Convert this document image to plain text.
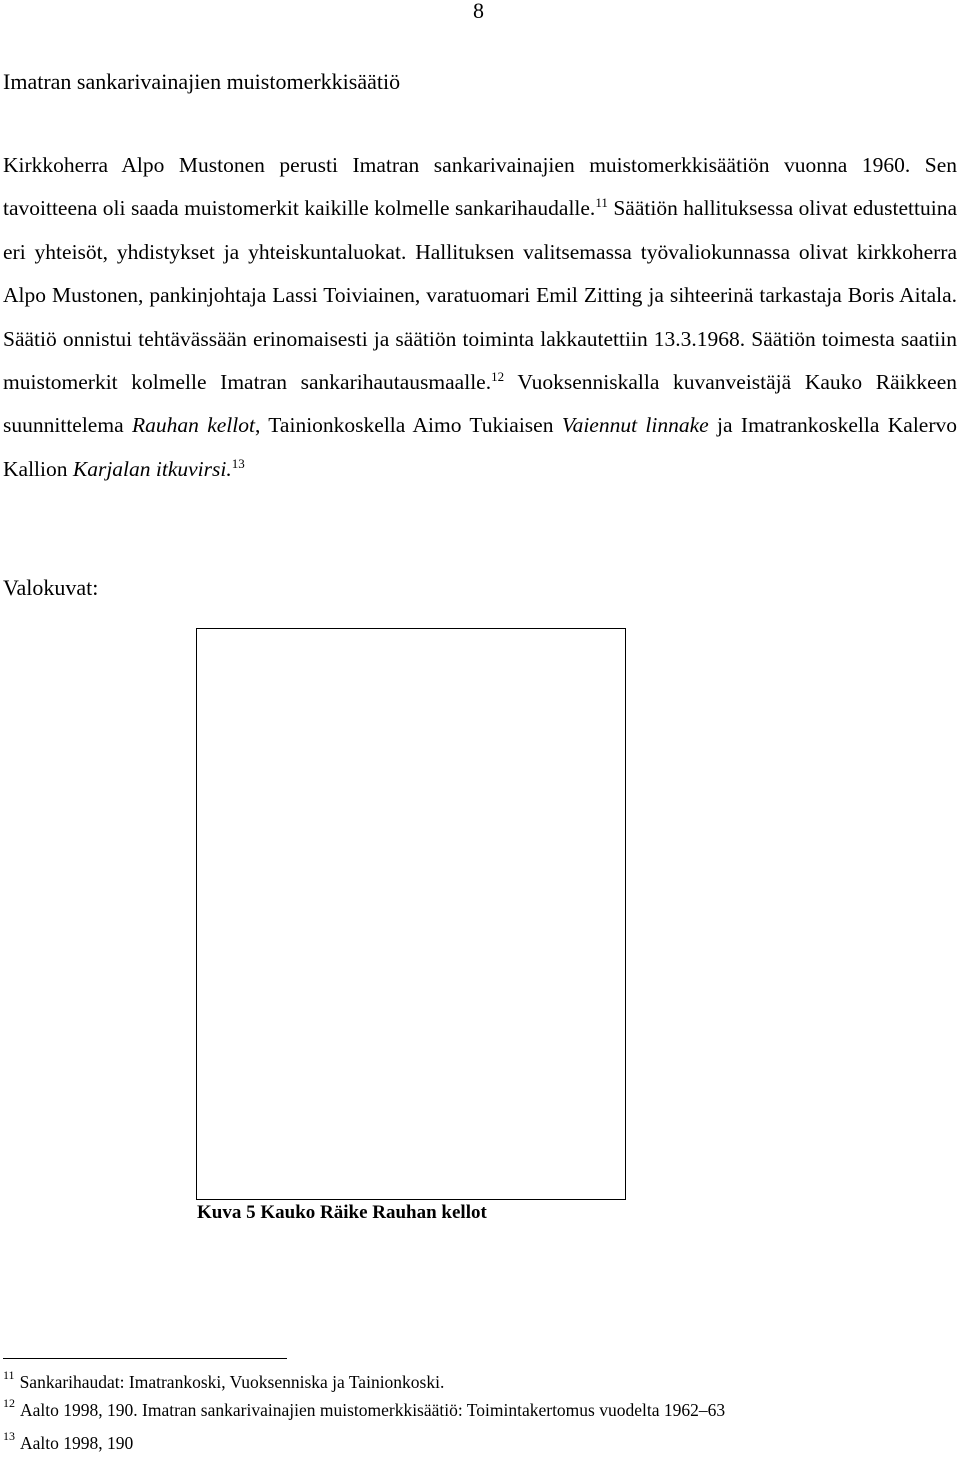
8
Imatran sankarivainajien muistomerkkisäätiö

Kirkkoherra Alpo Mustonen perusti Imatran sankarivainajien muistomerkkisäätiön vuonna 1960. Sen tavoitteena oli saada muistomerkit kaikille kolmelle sankarihaudalle.$^{11}$ Säätiön hallituksessa olivat edustettuina eri yhteisöt, yhdistykset ja yhteiskuntaluokat. Hallituksen valitsemassa työvaliokunnassa olivat kirkkoherra Alpo Mustonen, pankinjohtaja Lassi Toiviainen, varatuomari Emil Zitting ja sihteerinä tarkastaja Boris Aitala. Säätiö onnistui tehtävässään erinomaisesti ja säätiön toiminta lakkautettiin 13.3.1968. Säätiön toimesta saatiin muistomerkit kolmelle Imatran sankarihautausmaalle.$^{12}$ Vuoksenniskalla kuvanveistäjä Kauko Räikkeen suunnittelema Rauhan kellot, Tainionkoskella Aimo Tukiaisen Vaiennut linnake ja Imatrankoskella Kalervo Kallion Karjalan itkuvirsi.$^{13}$

Valokuvat:
Kuva 5 Kauko Räike Rauhan kellot
$^{11}$ Sankarihaudat: Imatrankoski, Vuoksenniska ja Tainionkoski.
$^{12}$ Aalto 1998, 190. Imatran sankarivainajien muistomerkkisäätiö: Toimintakertomus vuodelta 1962–63
$^{13}$ Aalto 1998, 190
